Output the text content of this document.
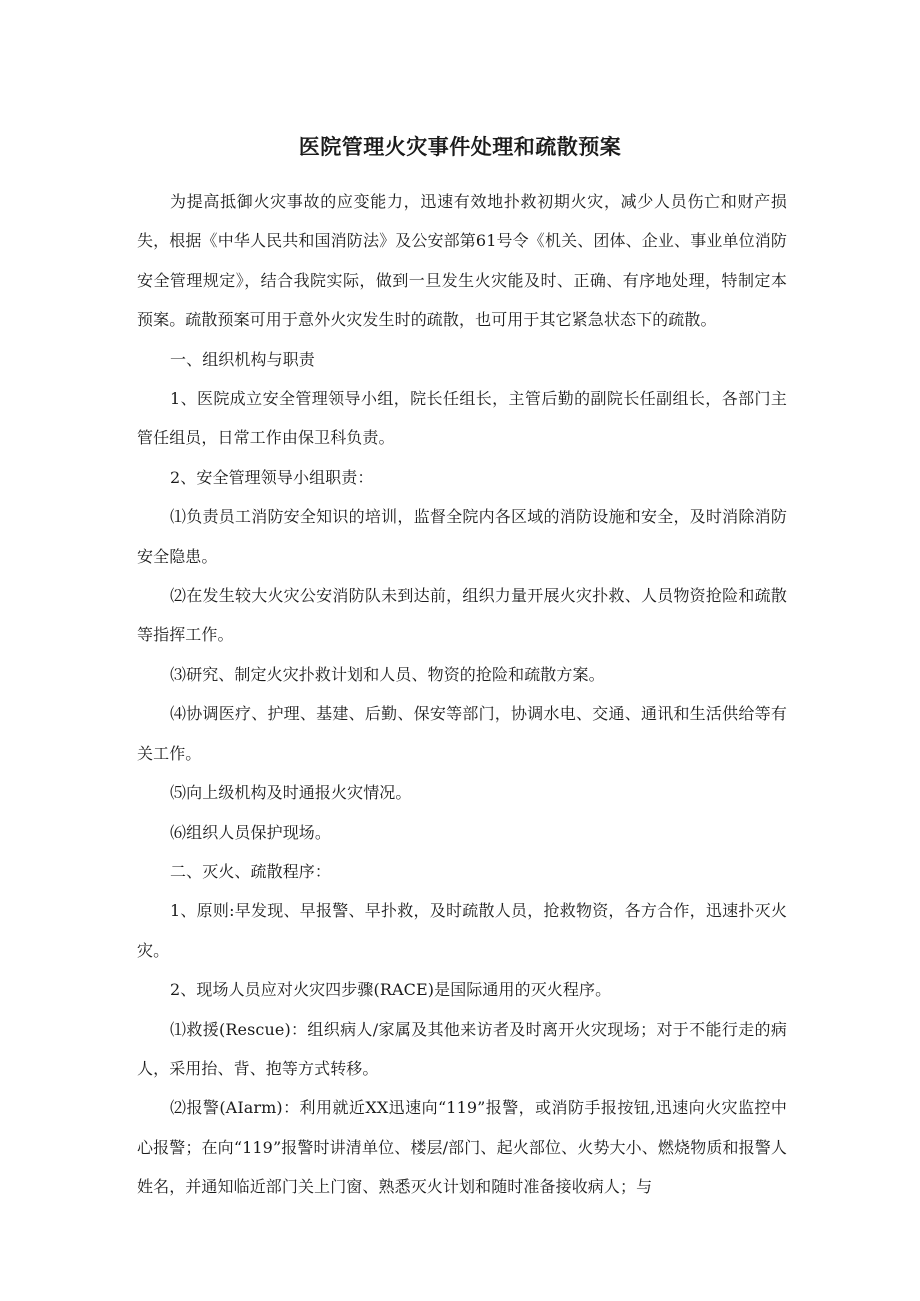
医院管理火灾事件处理和疏散预案

为提高抵御火灾事故的应变能力，迅速有效地扑救初期火灾，减少人员伤亡和财产损失，根据《中华人民共和国消防法》及公安部第61号令《机关、团体、企业、事业单位消防安全管理规定》，结合我院实际，做到一旦发生火灾能及时、正确、有序地处理，特制定本预案。疏散预案可用于意外火灾发生时的疏散，也可用于其它紧急状态下的疏散。

一、组织机构与职责

1、医院成立安全管理领导小组，院长任组长，主管后勤的副院长任副组长，各部门主管任组员，日常工作由保卫科负责。

2、安全管理领导小组职责：

⑴负责员工消防安全知识的培训，监督全院内各区域的消防设施和安全，及时消除消防安全隐患。

⑵在发生较大火灾公安消防队未到达前，组织力量开展火灾扑救、人员物资抢险和疏散等指挥工作。

⑶研究、制定火灾扑救计划和人员、物资的抢险和疏散方案。

⑷协调医疗、护理、基建、后勤、保安等部门，协调水电、交通、通讯和生活供给等有关工作。

⑸向上级机构及时通报火灾情况。

⑹组织人员保护现场。

二、灭火、疏散程序：

1、原则:早发现、早报警、早扑救，及时疏散人员，抢救物资，各方合作，迅速扑灭火灾。

2、现场人员应对火灾四步骤(RACE)是国际通用的灭火程序。

⑴救援(Rescue)：组织病人/家属及其他来访者及时离开火灾现场；对于不能行走的病人，采用抬、背、抱等方式转移。

⑵报警(AIarm)：利用就近XX迅速向“119”报警，或消防手报按钮,迅速向火灾监控中心报警；在向“119”报警时讲清单位、楼层/部门、起火部位、火势大小、燃烧物质和报警人姓名，并通知临近部门关上门窗、熟悉灭火计划和随时准备接收病人；与
